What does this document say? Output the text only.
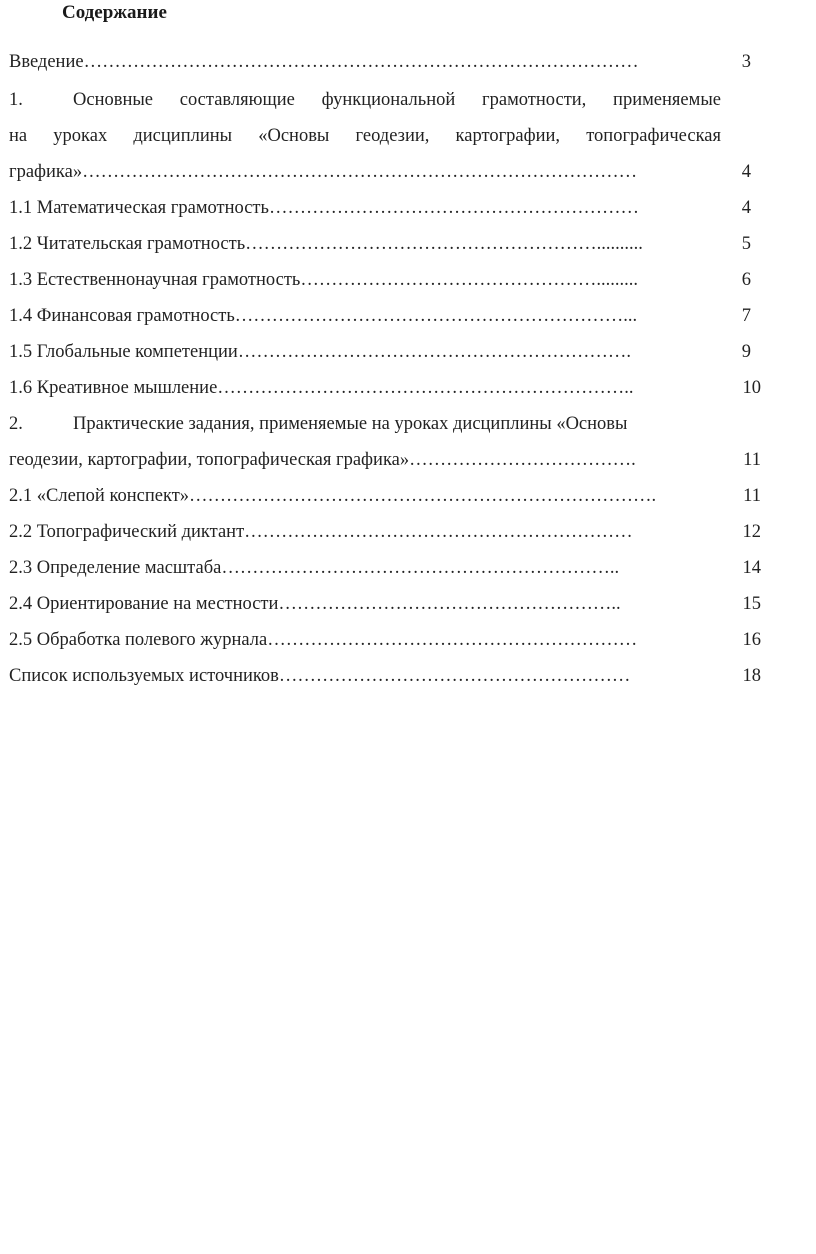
Содержание
Введение………………………………………………………………………………	3
1.	Основные составляющие функциональной грамотности, применяемые
на уроках дисциплины «Основы геодезии, картографии, топографическая
графика»………………………………………………………………………………	4
1.1 Математическая грамотность……………………………………………………	4
1.2 Читательская грамотность…………………………………………………..........	5
1.3 Естественнонаучная грамотность………………………………………….........	6
1.4 Финансовая грамотность………………………………………………………...	7
1.5 Глобальные компетенции……………………………………………………….	9
1.6 Креативное мышление…………………………………………………………..	10
2.	Практические задания, применяемые на уроках дисциплины «Основы
геодезии, картографии, топографическая графика»……………………………….	11
2.1 «Слепой конспект»………………………………………………………………….	11
2.2 Топографический диктант………………………………………………………	12
2.3 Определение масштаба………………………………………………………..	14
2.4 Ориентирование на местности………………………………………………..	15
2.5 Обработка полевого журнала……………………………………………………	16
Список используемых источников…………………………………………………	18
